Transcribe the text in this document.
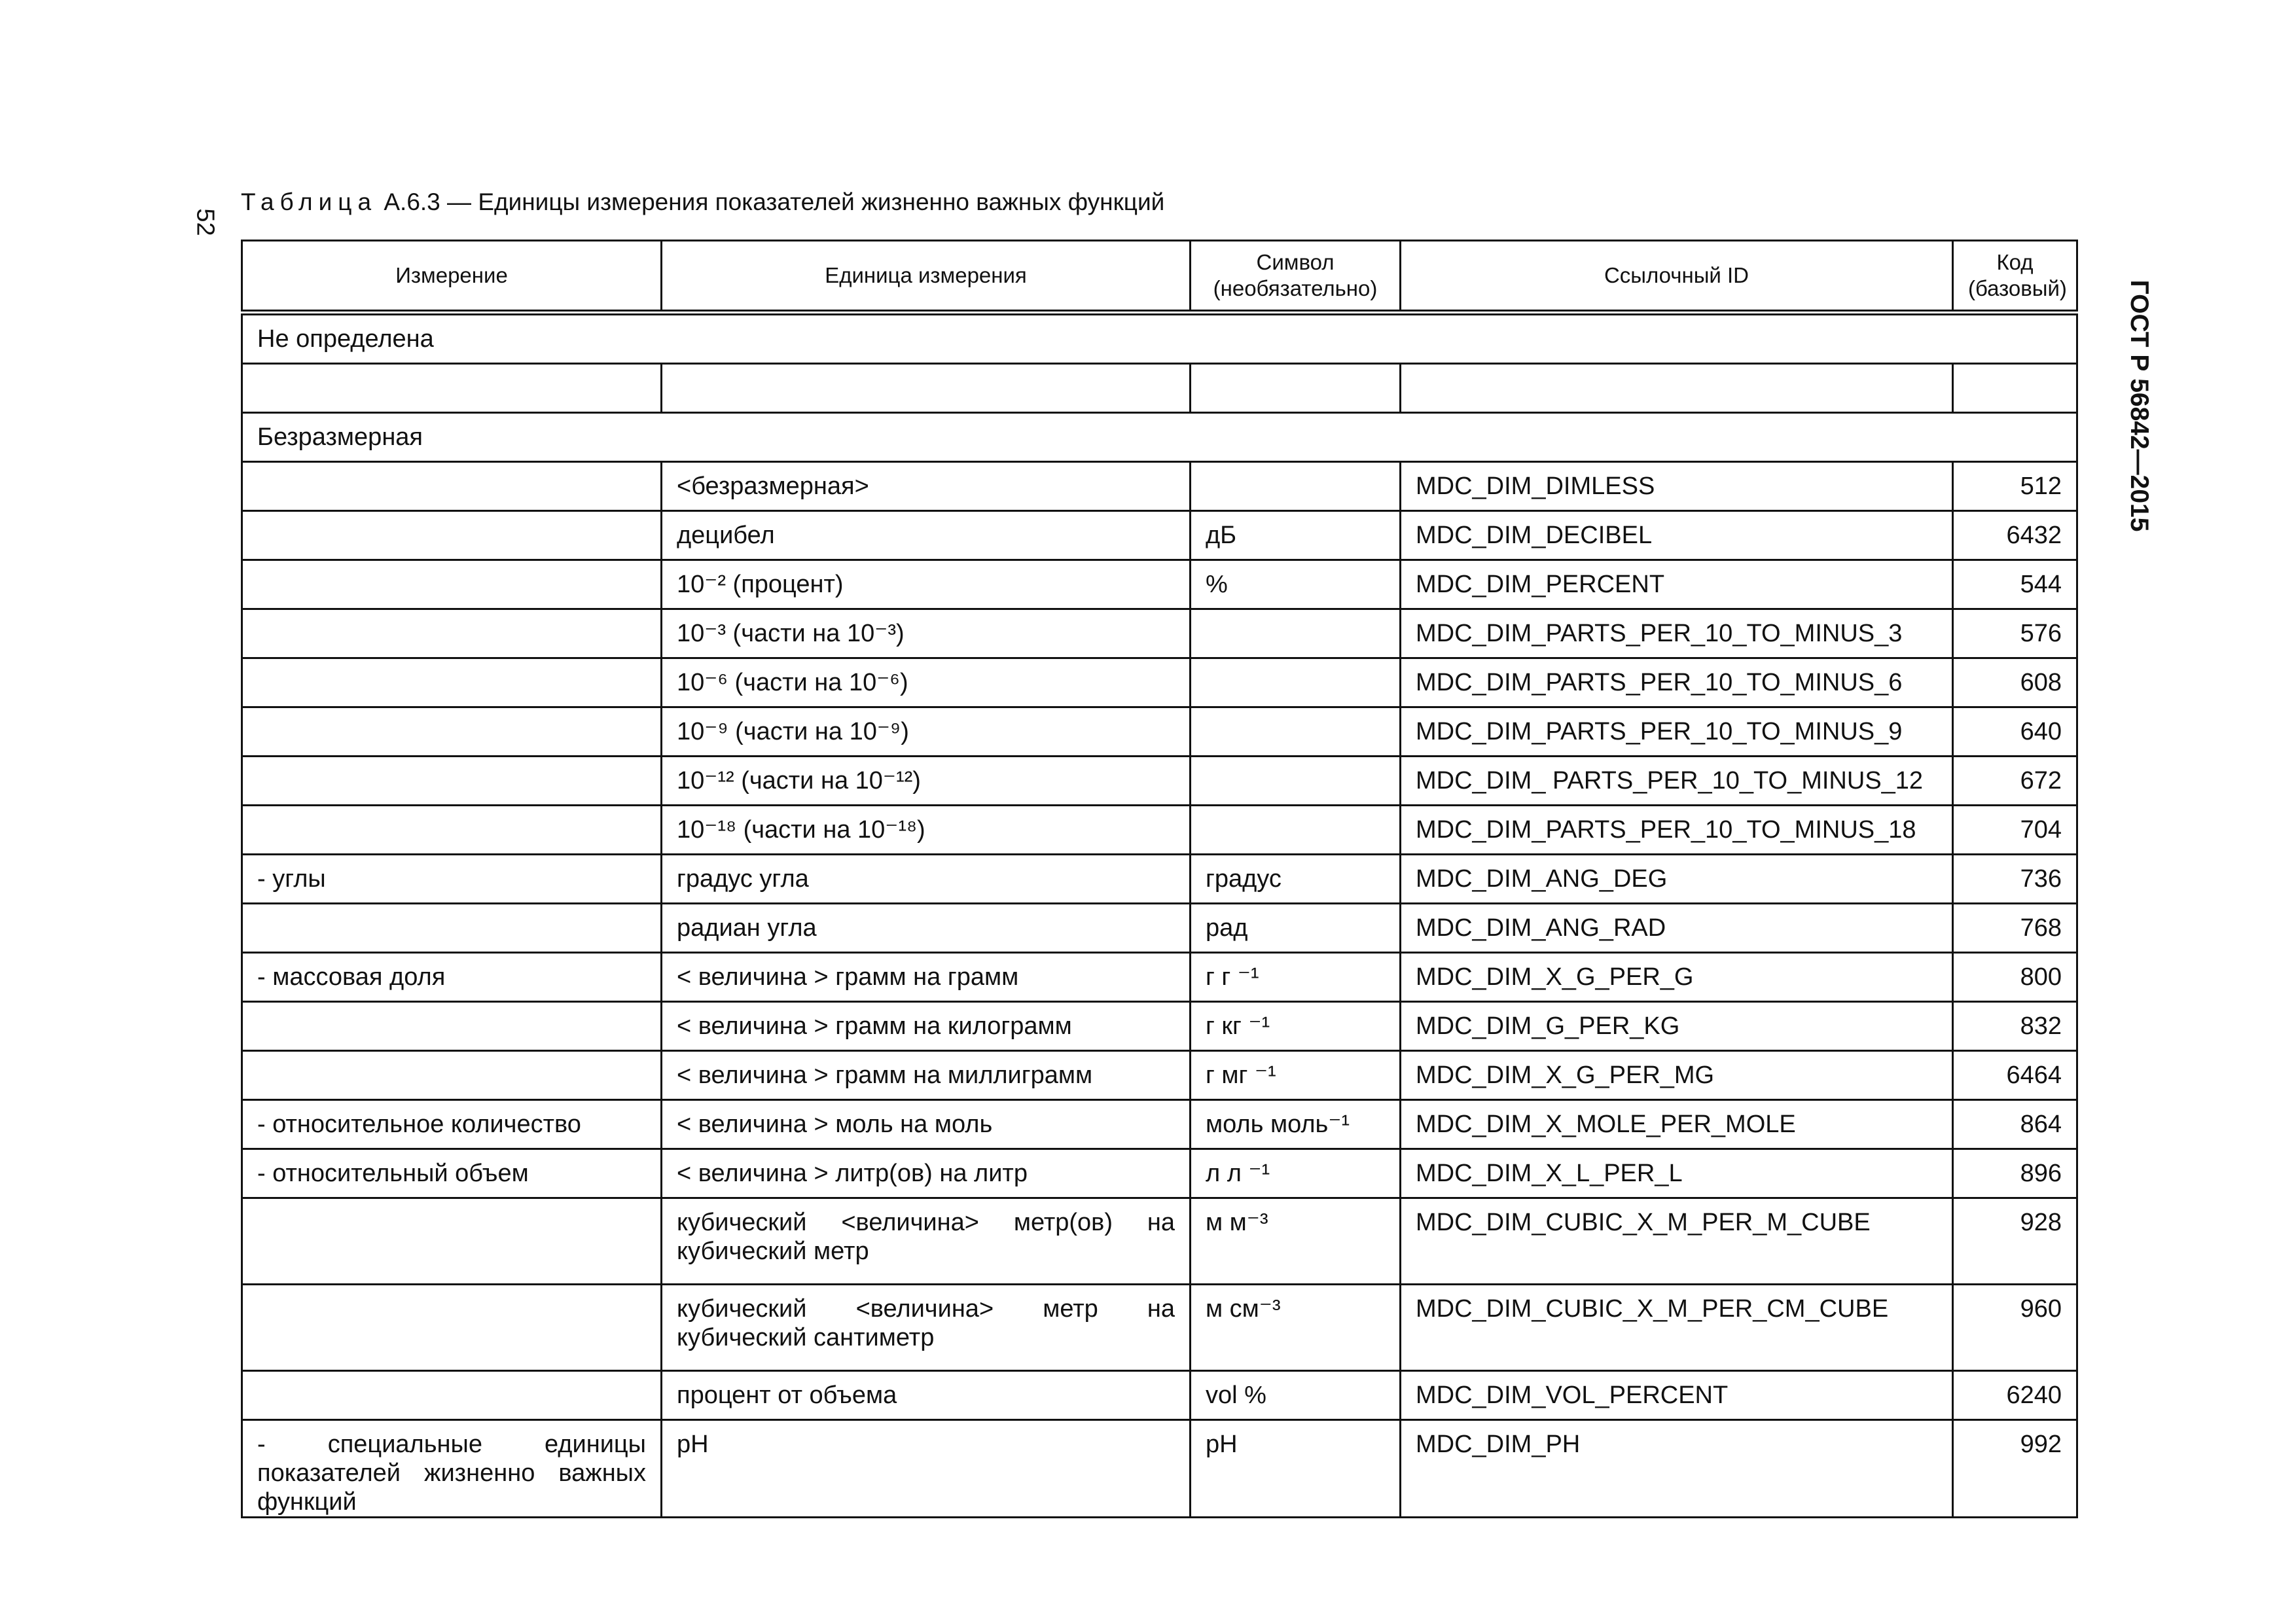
52
Таблица А.6.3 — Единицы измерения показателей жизненно важных функций
ГОСТ Р 56842—2015
Измерение	Единица измерения	Символ (необязательно)	Ссылочный ID	Код (базовый)
Не определена				

Безразмерная				
	<безразмерная>		MDC_DIM_DIMLESS	512
	децибел	дБ	MDC_DIM_DECIBEL	6432
	10⁻² (процент)	%	MDC_DIM_PERCENT	544
	10⁻³ (части на 10⁻³)		MDC_DIM_PARTS_PER_10_TO_MINUS_3	576
	10⁻⁶ (части на 10⁻⁶)		MDC_DIM_PARTS_PER_10_TO_MINUS_6	608
	10⁻⁹ (части на 10⁻⁹)		MDC_DIM_PARTS_PER_10_TO_MINUS_9	640
	10⁻¹² (части на 10⁻¹²)		MDC_DIM_ PARTS_PER_10_TO_MINUS_12	672
	10⁻¹⁸ (части на 10⁻¹⁸)		MDC_DIM_PARTS_PER_10_TO_MINUS_18	704
- углы	градус угла	градус	MDC_DIM_ANG_DEG	736
	радиан угла	рад	MDC_DIM_ANG_RAD	768
- массовая доля	< величина > грамм на грамм	г г ⁻¹	MDC_DIM_X_G_PER_G	800
	< величина > грамм на килограмм	г кг ⁻¹	MDC_DIM_G_PER_KG	832
	< величина > грамм на миллиграмм	г мг ⁻¹	MDC_DIM_X_G_PER_MG	6464
- относительное количество	< величина > моль на моль	моль моль⁻¹	MDC_DIM_X_MOLE_PER_MOLE	864
- относительный объем	< величина > литр(ов) на литр	л л ⁻¹	MDC_DIM_X_L_PER_L	896
	кубический <величина> метр(ов) на кубический метр	м м⁻³	MDC_DIM_CUBIC_X_M_PER_M_CUBE	928
	кубический <величина> метр на кубический сантиметр	м см⁻³	MDC_DIM_CUBIC_X_M_PER_CM_CUBE	960
	процент от объема	vol %	MDC_DIM_VOL_PERCENT	6240
- специальные единицы показателей жизненно важных функций	pH	pH	MDC_DIM_PH	992
